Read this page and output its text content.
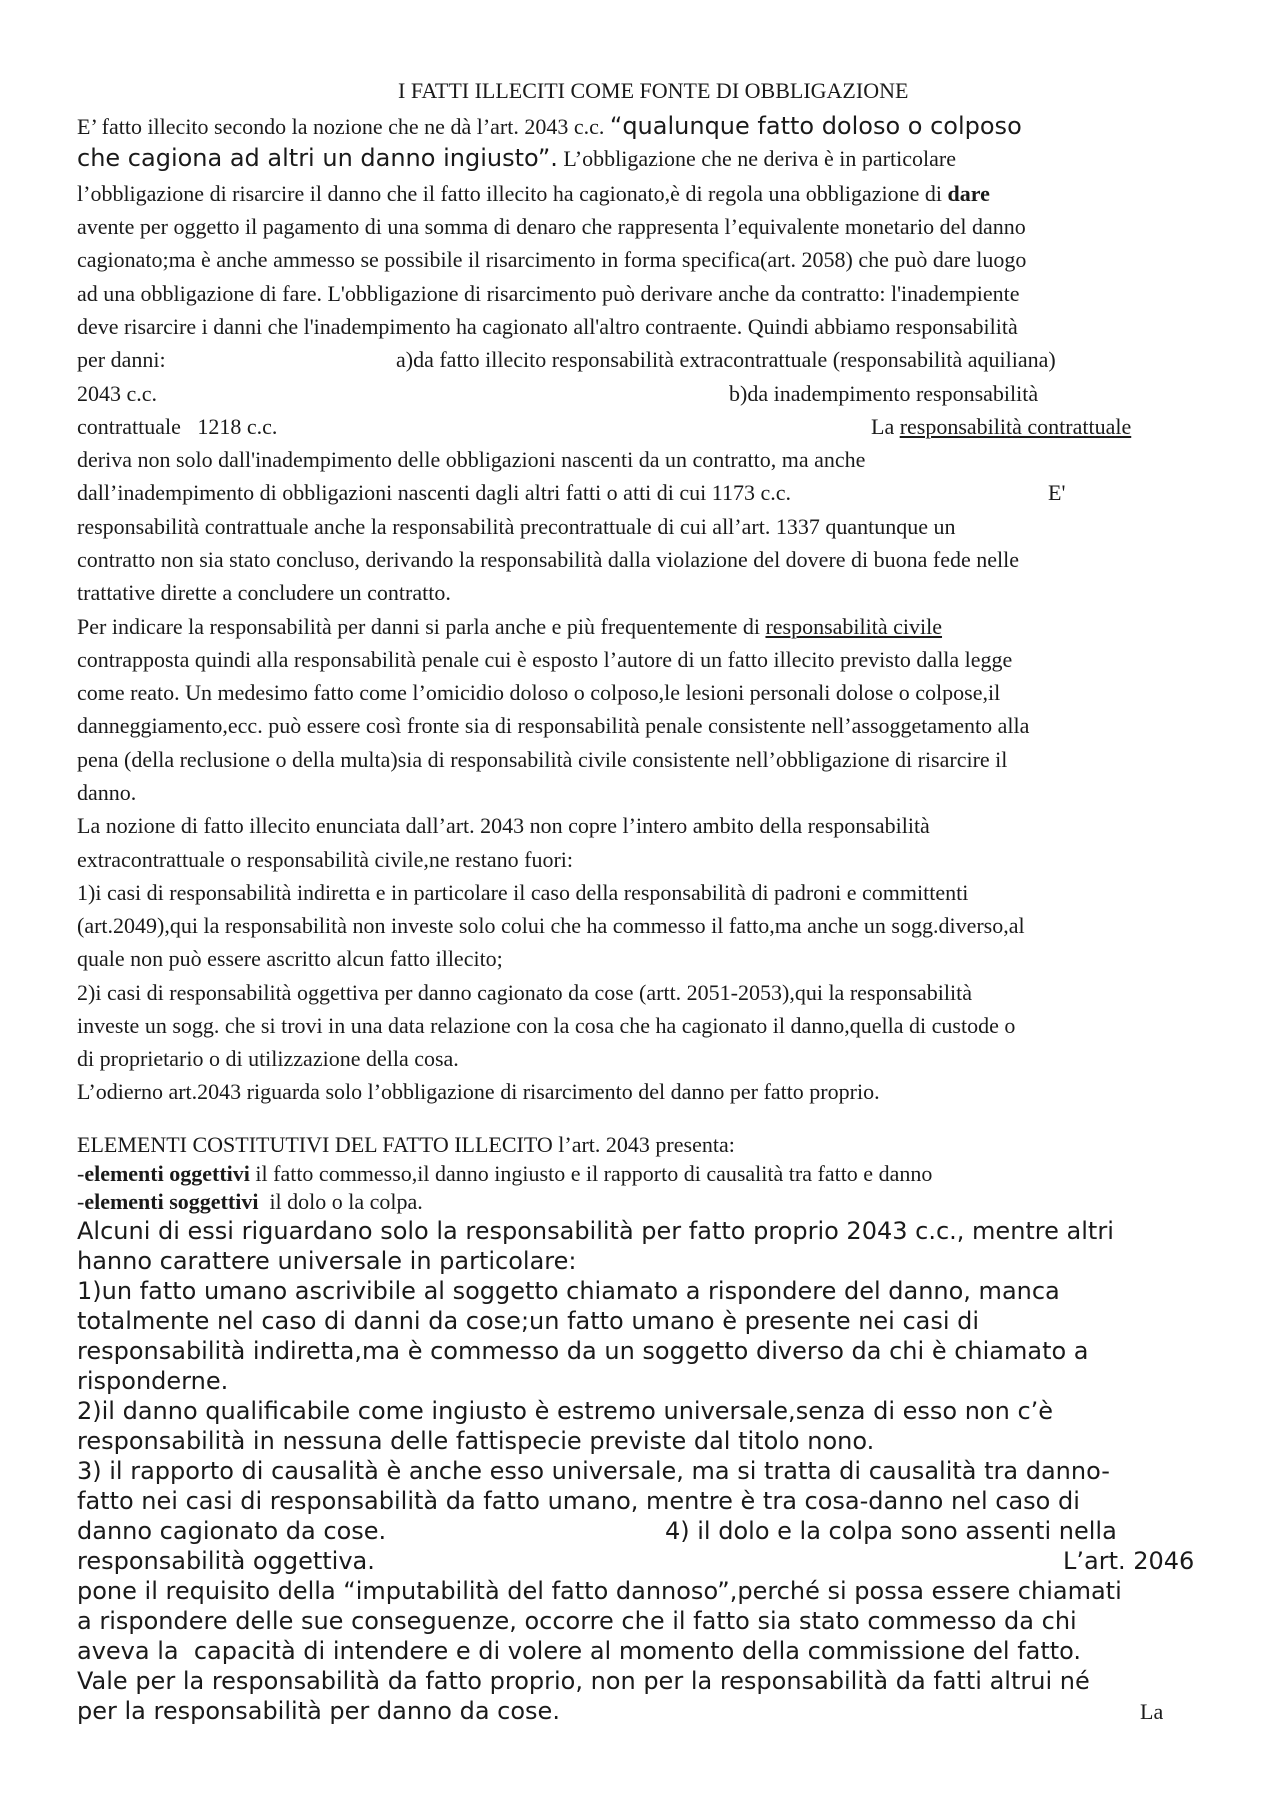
I FATTI ILLECITI COME FONTE DI OBBLIGAZIONE
E’ fatto illecito secondo la nozione che ne dà l’art. 2043 c.c. “qualunque fatto doloso o colposo
che cagiona ad altri un danno ingiusto”. L’obbligazione che ne deriva è in particolare
l’obbligazione di risarcire il danno che il fatto illecito ha cagionato,è di regola una obbligazione di dare
avente per oggetto il pagamento di una somma di denaro che rappresenta l’equivalente monetario del danno
cagionato;ma è anche ammesso se possibile il risarcimento in forma specifica(art. 2058) che può dare luogo
ad una obbligazione di fare. L'obbligazione di risarcimento può derivare anche da contratto: l'inadempiente
deve risarcire i danni che l'inadempimento ha cagionato all'altro contraente. Quindi abbiamo responsabilità
per danni:	a)da fatto illecito responsabilità extracontrattuale (responsabilità aquiliana)
2043 c.c.	b)da inadempimento responsabilità
contrattuale   1218 c.c.	La responsabilità contrattuale
deriva non solo dall'inadempimento delle obbligazioni nascenti da un contratto, ma anche
dall’inadempimento di obbligazioni nascenti dagli altri fatti o atti di cui 1173 c.c.	E'
responsabilità contrattuale anche la responsabilità precontrattuale di cui all’art. 1337 quantunque un
contratto non sia stato concluso, derivando la responsabilità dalla violazione del dovere di buona fede nelle
trattative dirette a concludere un contratto.
Per indicare la responsabilità per danni si parla anche e più frequentemente di responsabilità civile
contrapposta quindi alla responsabilità penale cui è esposto l’autore di un fatto illecito previsto dalla legge
come reato. Un medesimo fatto come l’omicidio doloso o colposo,le lesioni personali dolose o colpose,il
danneggiamento,ecc. può essere così fronte sia di responsabilità penale consistente nell’assoggetamento alla
pena (della reclusione o della multa)sia di responsabilità civile consistente nell’obbligazione di risarcire il
danno.
La nozione di fatto illecito enunciata dall’art. 2043 non copre l’intero ambito della responsabilità
extracontrattuale o responsabilità civile,ne restano fuori:
1)i casi di responsabilità indiretta e in particolare il caso della responsabilità di padroni e committenti
(art.2049),qui la responsabilità non investe solo colui che ha commesso il fatto,ma anche un sogg.diverso,al
quale non può essere ascritto alcun fatto illecito;
2)i casi di responsabilità oggettiva per danno cagionato da cose (artt. 2051-2053),qui la responsabilità
investe un sogg. che si trovi in una data relazione con la cosa che ha cagionato il danno,quella di custode o
di proprietario o di utilizzazione della cosa.
L’odierno art.2043 riguarda solo l’obbligazione di risarcimento del danno per fatto proprio.
ELEMENTI COSTITUTIVI DEL FATTO ILLECITO l’art. 2043 presenta:
-elementi oggettivi il fatto commesso,il danno ingiusto e il rapporto di causalità tra fatto e danno
-elementi soggettivi  il dolo o la colpa.
Alcuni di essi riguardano solo la responsabilità per fatto proprio 2043 c.c., mentre altri
hanno carattere universale in particolare:
1)un fatto umano ascrivibile al soggetto chiamato a rispondere del danno, manca
totalmente nel caso di danni da cose;un fatto umano è presente nei casi di
responsabilità indiretta,ma è commesso da un soggetto diverso da chi è chiamato a
risponderne.
2)il danno qualificabile come ingiusto è estremo universale,senza di esso non c’è
responsabilità in nessuna delle fattispecie previste dal titolo nono.
3) il rapporto di causalità è anche esso universale, ma si tratta di causalità tra danno-
fatto nei casi di responsabilità da fatto umano, mentre è tra cosa-danno nel caso di
danno cagionato da cose.	4) il dolo e la colpa sono assenti nella
responsabilità oggettiva.	L’art. 2046
pone il requisito della “imputabilità del fatto dannoso”,perché si possa essere chiamati
a rispondere delle sue conseguenze, occorre che il fatto sia stato commesso da chi
aveva la  capacità di intendere e di volere al momento della commissione del fatto.
Vale per la responsabilità da fatto proprio, non per la responsabilità da fatti altrui né
per la responsabilità per danno da cose.	La
